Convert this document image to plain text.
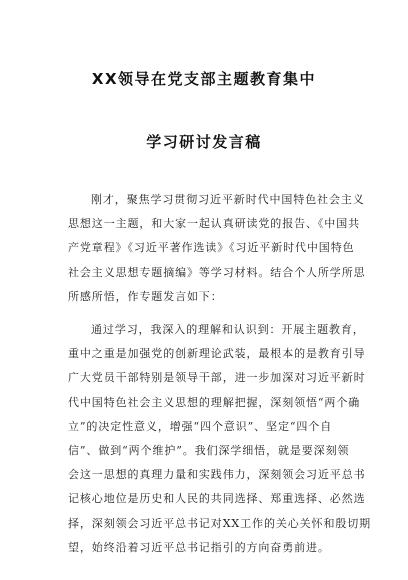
XX领导在党支部主题教育集中
学习研讨发言稿
刚才，聚焦学习贯彻习近平新时代中国特色社会主义
思想这一主题，和大家一起认真研读党的报告、《中国共
产党章程》《习近平著作选读》《习近平新时代中国特色
社会主义思想专题摘编》等学习材料。结合个人所学所思
所感所悟，作专题发言如下：
通过学习，我深入的理解和认识到：开展主题教育，
重中之重是加强党的创新理论武装，最根本的是教育引导
广大党员干部特别是领导干部，进一步加深对习近平新时
代中国特色社会主义思想的理解把握，深刻领悟“两个确
立”的决定性意义，增强“四个意识”、坚定“四个自
信”、做到“两个维护”。我们深学细悟，就是要深刻领
会这一思想的真理力量和实践伟力，深刻领会习近平总书
记核心地位是历史和人民的共同选择、郑重选择、必然选
择，深刻领会习近平总书记对XX工作的关心关怀和殷切期
望，始终沿着习近平总书记指引的方向奋勇前进。
